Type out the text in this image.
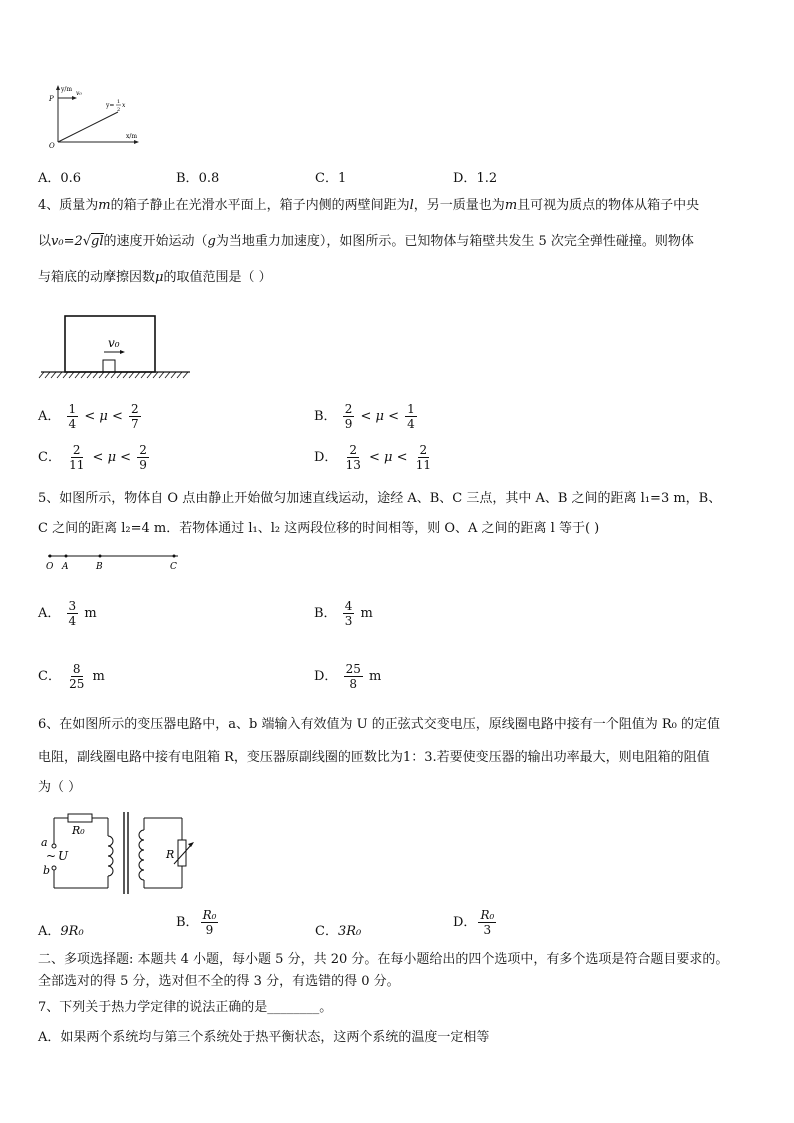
y/m
x/m
O
P
v₀
y= 1
2
x
A．0.6	B．0.8	C．1	D．1.2
4、质量为m的箱子静止在光滑水平面上，箱子内侧的两壁间距为l，另一质量也为m且可视为质点的物体从箱子中央
以v₀=2√gl的速度开始运动（g为当地重力加速度），如图所示。已知物体与箱壁共发生 5 次完全弹性碰撞。则物体
与箱底的动摩擦因数μ的取值范围是（ ）
v₀
A． $\frac{1}{4} < \mu < \frac{2}{7}$	B． $\frac{2}{9} < \mu < \frac{1}{4}$
C． $\frac{2}{11} < \mu < \frac{2}{9}$	D． $\frac{2}{13} < \mu < \frac{2}{11}$
5、如图所示，物体自 O 点由静止开始做匀加速直线运动，途经 A、B、C 三点，其中 A、B 之间的距离 l₁=3 m，B、
C 之间的距离 l₂=4 m．若物体通过 l₁、l₂ 这两段位移的时间相等，则 O、A 之间的距离 l 等于( )
O A	B	C
A． $\frac{3}{4}$ m	B． $\frac{4}{3}$ m
C． $\frac{8}{25}$ m	D． $\frac{25}{8}$ m
6、在如图所示的变压器电路中，a、b 端输入有效值为 U 的正弦式交变电压，原线圈电路中接有一个阻值为 R₀ 的定值
电阻，副线圈电路中接有电阻箱 R，变压器原副线圈的匝数比为1：3.若要使变压器的输出功率最大，则电阻箱的阻值
为（ ）
R₀
R
a
b
~ U
A．9R₀
B． $\frac{\text{R₀}}{9}$	C．3R₀
D． $\frac{\text{R₀}}{3}$
二、多项选择题: 本题共 4 小题，每小题 5 分，共 20 分。在每小题给出的四个选项中，有多个选项是符合题目要求的。
全部选对的得 5 分，选对但不全的得 3 分，有选错的得 0 分。
7、下列关于热力学定律的说法正确的是________。
A．如果两个系统均与第三个系统处于热平衡状态，这两个系统的温度一定相等
